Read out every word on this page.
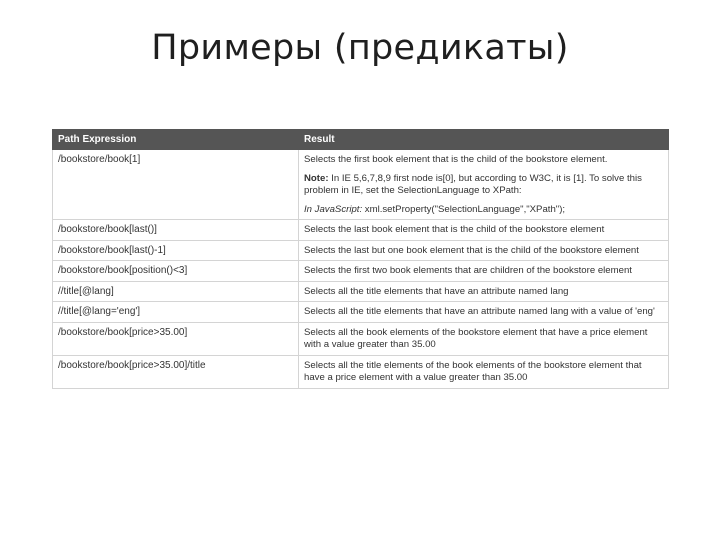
Примеры (предикаты)
Path Expression	Result
/bookstore/book[1]	Selects the first book element that is the child of the bookstore element.
Note: In IE 5,6,7,8,9 first node is[0], but according to W3C, it is [1]. To solve this problem in IE, set the SelectionLanguage to XPath:
In JavaScript: xml.setProperty("SelectionLanguage","XPath");

/bookstore/book[last()]	Selects the last book element that is the child of the bookstore element
/bookstore/book[last()-1]	Selects the last but one book element that is the child of the bookstore element
/bookstore/book[position()<3]	Selects the first two book elements that are children of the bookstore element
//title[@lang]	Selects all the title elements that have an attribute named lang
//title[@lang='eng']	Selects all the title elements that have an attribute named lang with a value of 'eng'
/bookstore/book[price>35.00]	Selects all the book elements of the bookstore element that have a price element with a value greater than 35.00
/bookstore/book[price>35.00]/title	Selects all the title elements of the book elements of the bookstore element that have a price element with a value greater than 35.00
